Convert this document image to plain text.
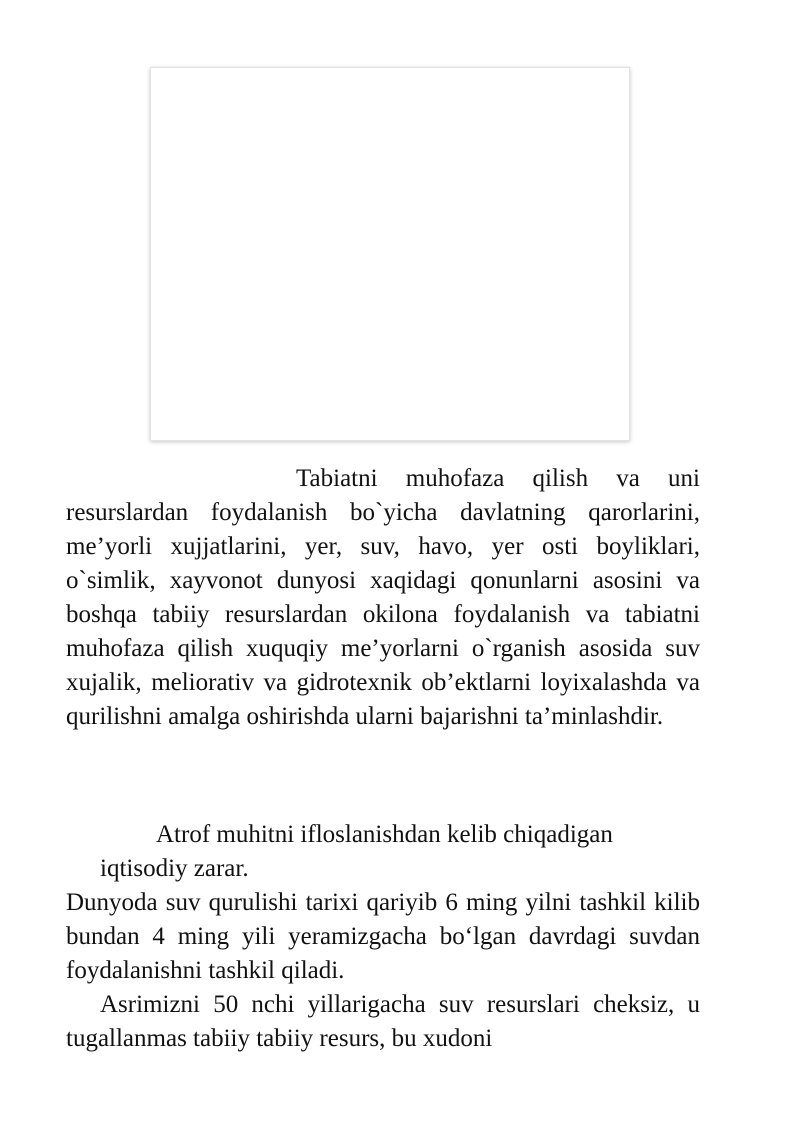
Tabiatni muhofaza qilish va uni resurslardan foydalanish bo`yicha davlatning qarorlarini, me’yorli xujjatlarini, yer, suv, havo, yer osti boyliklari, o`simlik, xayvonot dunyosi xaqidagi qonunlarni asosini va boshqa tabiiy resurslardan okilona foydalanish va tabiatni muhofaza qilish xuquqiy me’yorlarni o`rganish asosida suv xujalik, meliorativ va gidrotexnik ob’ektlarni loyixalashda va qurilishni amalga oshirishda ularni bajarishni ta’minlashdir.

Atrof muhitni ifloslanishdan kelib chiqadigan
iqtisodiy zarar.

Dunyoda suv qurulishi tarixi qariyib 6 ming yilni tashkil kilib bundan 4 ming yili yeramizgacha bo‘lgan davrdagi suvdan foydalanishni tashkil qiladi.

Asrimizni 50 nchi yillarigacha suv resurslari cheksiz, u tugallanmas tabiiy tabiiy resurs, bu xudoni
